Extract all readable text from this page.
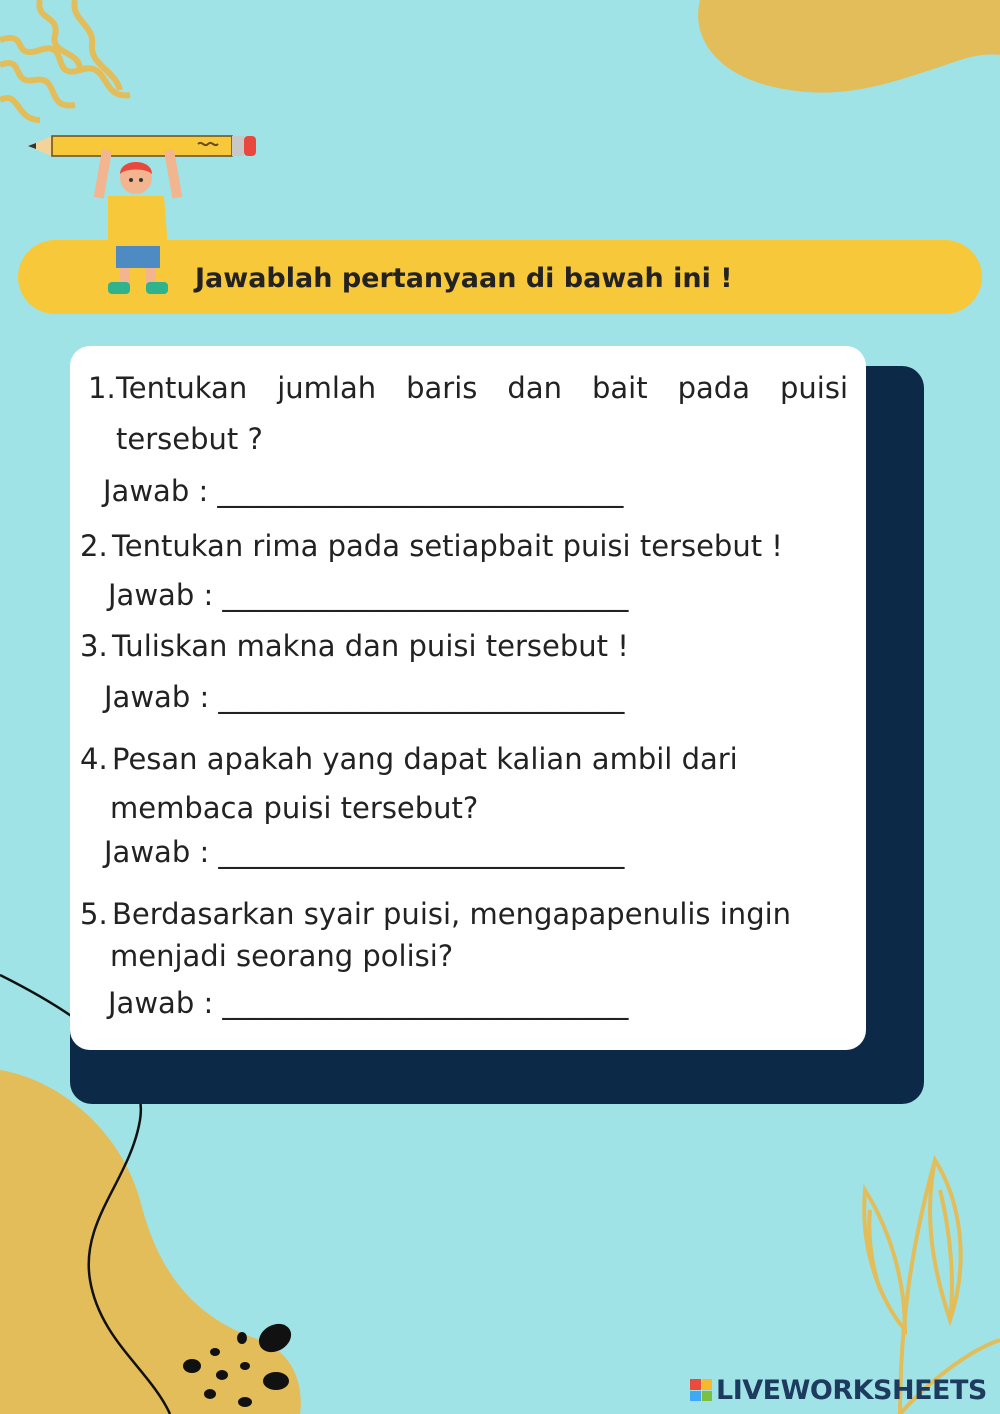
Jawablah pertanyaan di bawah ini !
1. Tentukan jumlah baris dan bait pada puisi
tersebut ?
Jawab : ____________________________
2. Tentukan rima pada setiapbait puisi tersebut !
Jawab : ____________________________
3. Tuliskan makna dan puisi tersebut !
Jawab : ____________________________
4. Pesan apakah yang dapat kalian ambil dari
membaca puisi tersebut?
Jawab : ____________________________
5. Berdasarkan syair puisi, mengapapenulis ingin
menjadi seorang polisi?
Jawab : ____________________________
LIVEWORKSHEETS
